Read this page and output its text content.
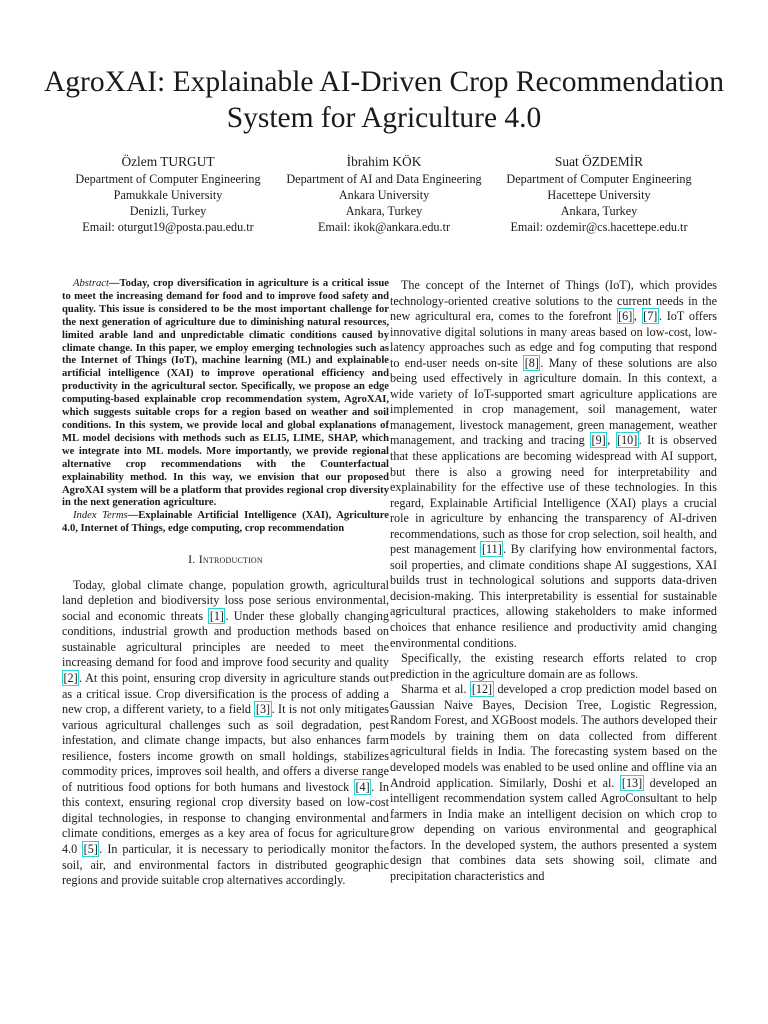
AgroXAI: Explainable AI-Driven Crop Recommendation System for Agriculture 4.0
Özlem TURGUT
Department of Computer Engineering
Pamukkale University
Denizli, Turkey
Email: oturgut19@posta.pau.edu.tr
İbrahim KÖK
Department of AI and Data Engineering
Ankara University
Ankara, Turkey
Email: ikok@ankara.edu.tr
Suat ÖZDEMİR
Department of Computer Engineering
Hacettepe University
Ankara, Turkey
Email: ozdemir@cs.hacettepe.edu.tr

Abstract—Today, crop diversification in agriculture is a critical issue to meet the increasing demand for food and to improve food safety and quality. This issue is considered to be the most important challenge for the next generation of agriculture due to diminishing natural resources, limited arable land and unpredictable climatic conditions caused by climate change. In this paper, we employ emerging technologies such as the Internet of Things (IoT), machine learning (ML) and explainable artificial intelligence (XAI) to improve operational efficiency and productivity in the agricultural sector. Specifically, we propose an edge computing-based explainable crop recommendation system, AgroXAI, which suggests suitable crops for a region based on weather and soil conditions. In this system, we provide local and global explanations of ML model decisions with methods such as ELI5, LIME, SHAP, which we integrate into ML models. More importantly, we provide regional alternative crop recommendations with the Counterfactual explainability method. In this way, we envision that our proposed AgroXAI system will be a platform that provides regional crop diversity in the next generation agriculture.

Index Terms—Explainable Artificial Intelligence (XAI), Agriculture 4.0, Internet of Things, edge computing, crop recommendation

I. Introduction

Today, global climate change, population growth, agricultural land depletion and biodiversity loss pose serious environmental, social and economic threats [1] . Under these globally changing conditions, industrial growth and production methods based on sustainable agricultural principles are needed to meet the increasing demand for food and improve food security and quality [2] . At this point, ensuring crop diversity in agriculture stands out as a critical issue. Crop diversification is the process of adding a new crop, a different variety, to a field [3] . It is not only mitigates various agricultural challenges such as soil degradation, pest infestation, and climate change impacts, but also enhances farm resilience, fosters income growth on small holdings, stabilizes commodity prices, improves soil health, and offers a diverse range of nutritious food options for both humans and livestock [4] . In this context, ensuring regional crop diversity based on low-cost digital technologies, in response to changing environmental and climate conditions, emerges as a key area of focus for agriculture 4.0 [5] . In particular, it is necessary to periodically monitor the soil, air, and environmental factors in distributed geographic regions and provide suitable crop alternatives accordingly.

The concept of the Internet of Things (IoT), which provides technology-oriented creative solutions to the current needs in the new agricultural era, comes to the forefront [6] , [7] . IoT offers innovative digital solutions in many areas based on low-cost, low-latency approaches such as edge and fog computing that respond to end-user needs on-site [8] . Many of these solutions are also being used effectively in agriculture domain. In this context, a wide variety of IoT-supported smart agriculture applications are implemented in crop management, soil management, water management, livestock management, green management, weather management, and tracking and tracing [9] , [10] . It is observed that these applications are becoming widespread with AI support, but there is also a growing need for interpretability and explainability for the effective use of these technologies. In this regard, Explainable Artificial Intelligence (XAI) plays a crucial role in agriculture by enhancing the transparency of AI-driven recommendations, such as those for crop selection, soil health, and pest management [11] . By clarifying how environmental factors, soil properties, and climate conditions shape AI suggestions, XAI builds trust in technological solutions and supports data-driven decision-making. This interpretability is essential for sustainable agricultural practices, allowing stakeholders to make informed choices that enhance resilience and productivity amid changing environmental conditions.

Specifically, the existing research efforts related to crop prediction in the agriculture domain are as follows.

Sharma et al. [12] developed a crop prediction model based on Gaussian Naive Bayes, Decision Tree, Logistic Regression, Random Forest, and XGBoost models. The authors developed their models by training them on data collected from different agricultural fields in India. The forecasting system based on the developed models was enabled to be used online and offline via an Android application. Similarly, Doshi et al. [13] developed an intelligent recommendation system called AgroConsultant to help farmers in India make an intelligent decision on which crop to grow depending on various environmental and geographical factors. In the developed system, the authors presented a system design that combines data sets showing soil, climate and precipitation characteristics and
